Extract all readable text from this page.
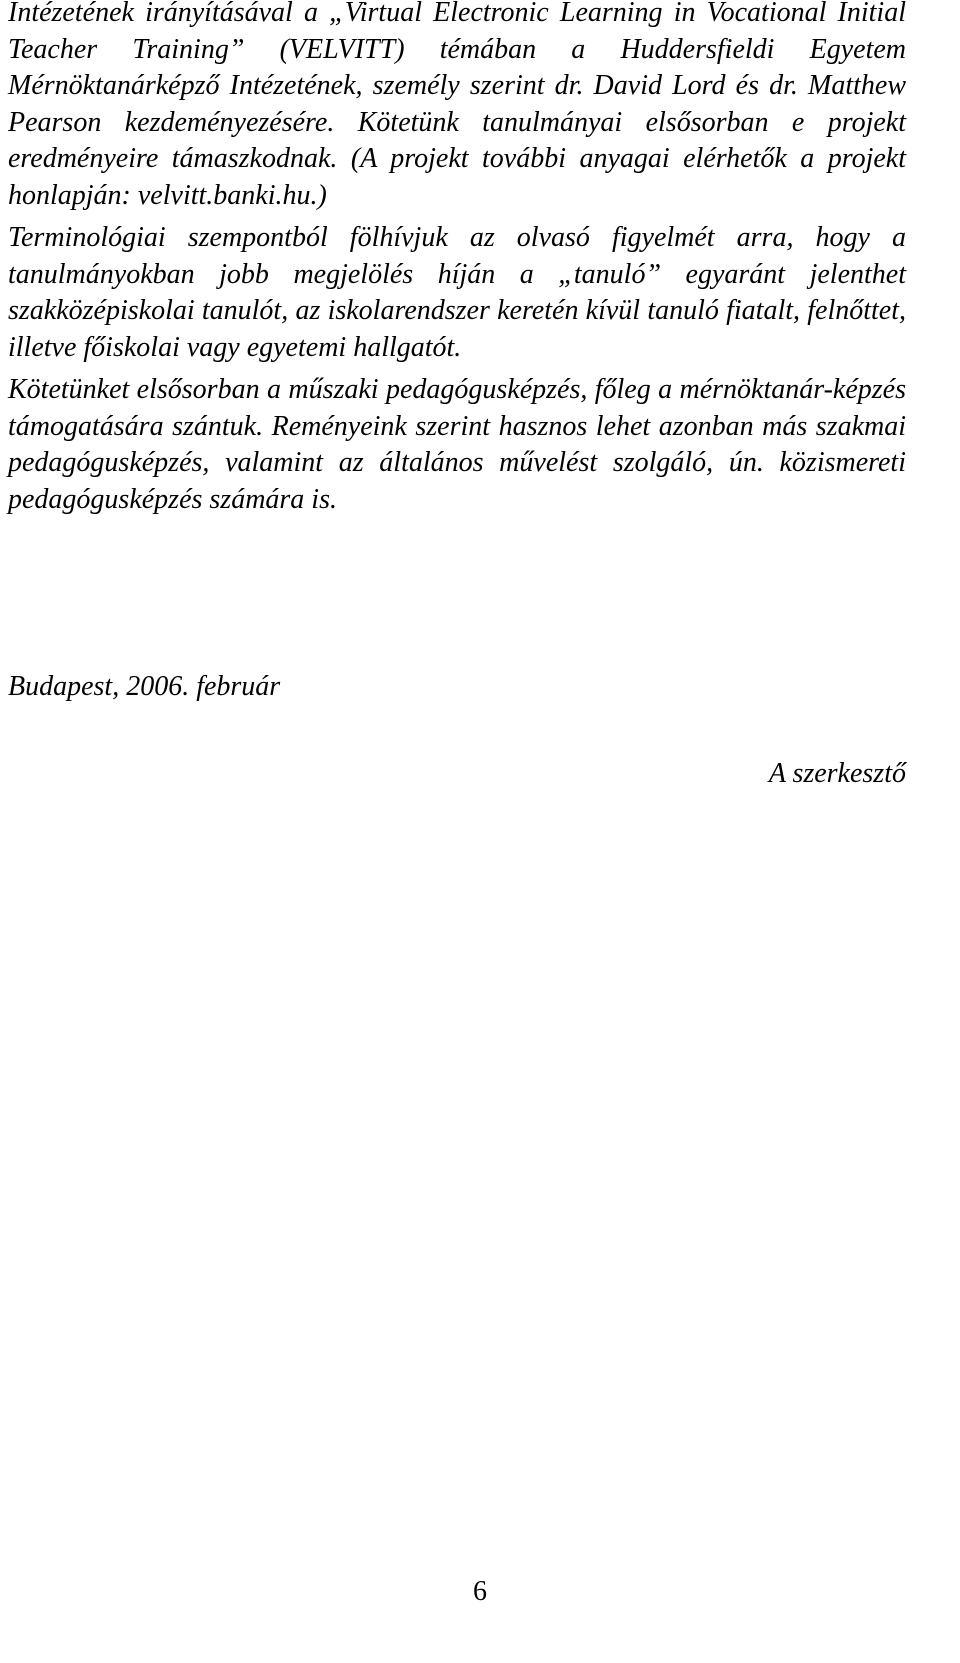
Intézetének irányításával a „Virtual Electronic Learning in Vocational Initial Teacher Training” (VELVITT) témában a Huddersfieldi Egyetem Mérnöktanárképző Intézetének, személy szerint dr. David Lord és dr. Matthew Pearson kezdeményezésére. Kötetünk tanulmányai elsősorban e projekt eredményeire támaszkodnak. (A projekt további anyagai elérhetők a projekt honlapján: velvitt.banki.hu.)

Terminológiai szempontból fölhívjuk az olvasó figyelmét arra, hogy a tanulmányokban jobb megjelölés híján a „tanuló” egyaránt jelenthet szakközépiskolai tanulót, az iskolarendszer keretén kívül tanuló fiatalt, felnőttet, illetve főiskolai vagy egyetemi hallgatót.

Kötetünket elsősorban a műszaki pedagógusképzés, főleg a mérnöktanár-képzés támogatására szántuk. Reményeink szerint hasznos lehet azonban más szakmai pedagógusképzés, valamint az általános művelést szolgáló, ún. közismereti pedagógusképzés számára is.

Budapest, 2006. február

A szerkesztő

6
